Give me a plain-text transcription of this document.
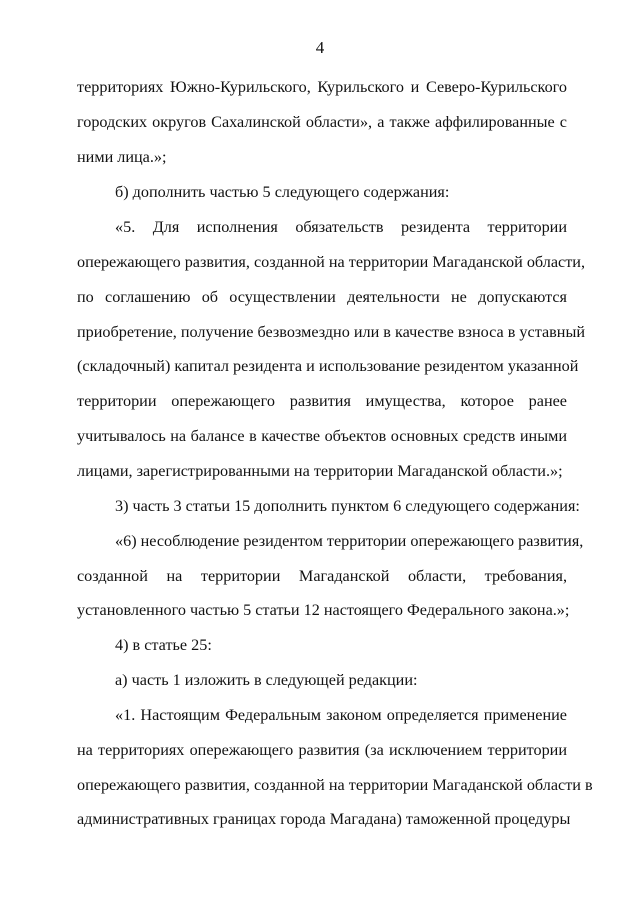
4
территориях Южно-Курильского, Курильского и Северо-Курильского
городских округов Сахалинской области», а также аффилированные с
ними лица.»;
б) дополнить частью 5 следующего содержания:
«5. Для исполнения обязательств резидента территории
опережающего развития, созданной на территории Магаданской области,
по соглашению об осуществлении деятельности не допускаются
приобретение, получение безвозмездно или в качестве взноса в уставный
(складочный) капитал резидента и использование резидентом указанной
территории опережающего развития имущества, которое ранее
учитывалось на балансе в качестве объектов основных средств иными
лицами, зарегистрированными на территории Магаданской области.»;
3) часть 3 статьи 15 дополнить пунктом 6 следующего содержания:
«6) несоблюдение резидентом территории опережающего развития,
созданной на территории Магаданской области, требования,
установленного частью 5 статьи 12 настоящего Федерального закона.»;
4) в статье 25:
а) часть 1 изложить в следующей редакции:
«1. Настоящим Федеральным законом определяется применение
на территориях опережающего развития (за исключением территории
опережающего развития, созданной на территории Магаданской области в
административных границах города Магадана) таможенной процедуры
